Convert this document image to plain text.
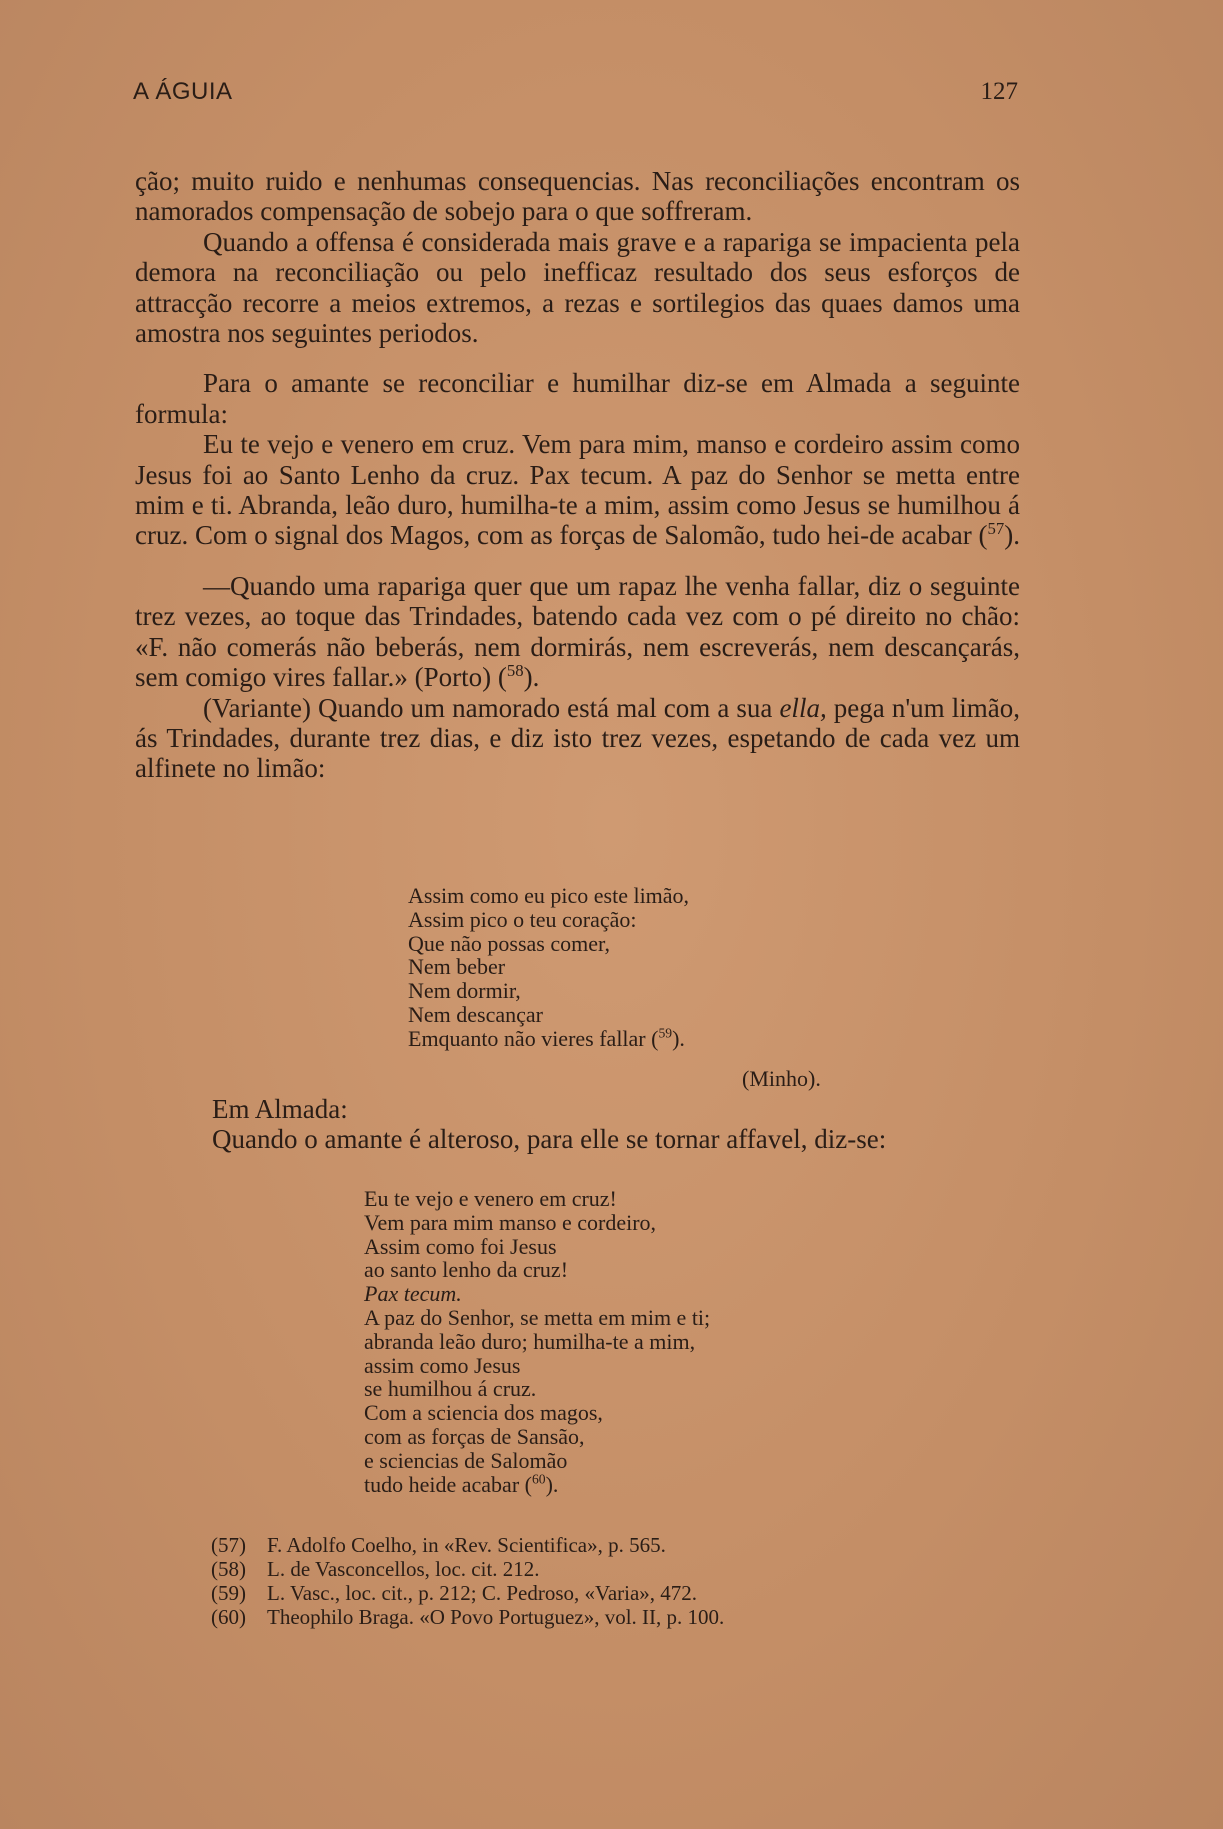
A ÁGUIA	127

ção; muito ruido e nenhumas consequencias. Nas reconciliações encontram os namorados compensação de sobejo para o que soffreram.

Quando a offensa é considerada mais grave e a rapariga se impacienta pela demora na reconciliação ou pelo inefficaz resultado dos seus esforços de attracção recorre a meios extremos, a rezas e sortilegios das quaes damos uma amostra nos seguintes periodos.

Para o amante se reconciliar e humilhar diz-se em Almada a seguinte formula:

Eu te vejo e venero em cruz. Vem para mim, manso e cordeiro assim como Jesus foi ao Santo Lenho da cruz. Pax tecum. A paz do Senhor se metta entre mim e ti. Abranda, leão duro, humilha-te a mim, assim como Jesus se humilhou á cruz. Com o signal dos Magos, com as forças de Salomão, tudo hei-de acabar ($^{57}$).

—Quando uma rapariga quer que um rapaz lhe venha fallar, diz o seguinte trez vezes, ao toque das Trindades, batendo cada vez com o pé direito no chão: «F. não comerás não beberás, nem dormirás, nem escreverás, nem descançarás, sem comigo vires fallar.» (Porto) ($^{58}$).

(Variante) Quando um namorado está mal com a sua ella, pega n'um limão, ás Trindades, durante trez dias, e diz isto trez vezes, espetando de cada vez um alfinete no limão:

Assim como eu pico este limão,
Assim pico o teu coração:
Que não possas comer,
Nem beber
Nem dormir,
Nem descançar
Emquanto não vieres fallar ($^{59}$).
(Minho).

Em Almada:

Quando o amante é alteroso, para elle se tornar affavel, diz-se:

Eu te vejo e venero em cruz!
Vem para mim manso e cordeiro,
Assim como foi Jesus
ao santo lenho da cruz!
Pax tecum.
A paz do Senhor, se metta em mim e ti;
abranda leão duro; humilha-te a mim,
assim como Jesus
se humilhou á cruz.
Com a sciencia dos magos,
com as forças de Sansão,
e sciencias de Salomão
tudo heide acabar ($^{60}$).
(57) F. Adolfo Coelho, in «Rev. Scientifica», p. 565.
(58) L. de Vasconcellos, loc. cit. 212.
(59) L. Vasc., loc. cit., p. 212; C. Pedroso, «Varia», 472.
(60) Theophilo Braga. «O Povo Portuguez», vol. II, p. 100.
